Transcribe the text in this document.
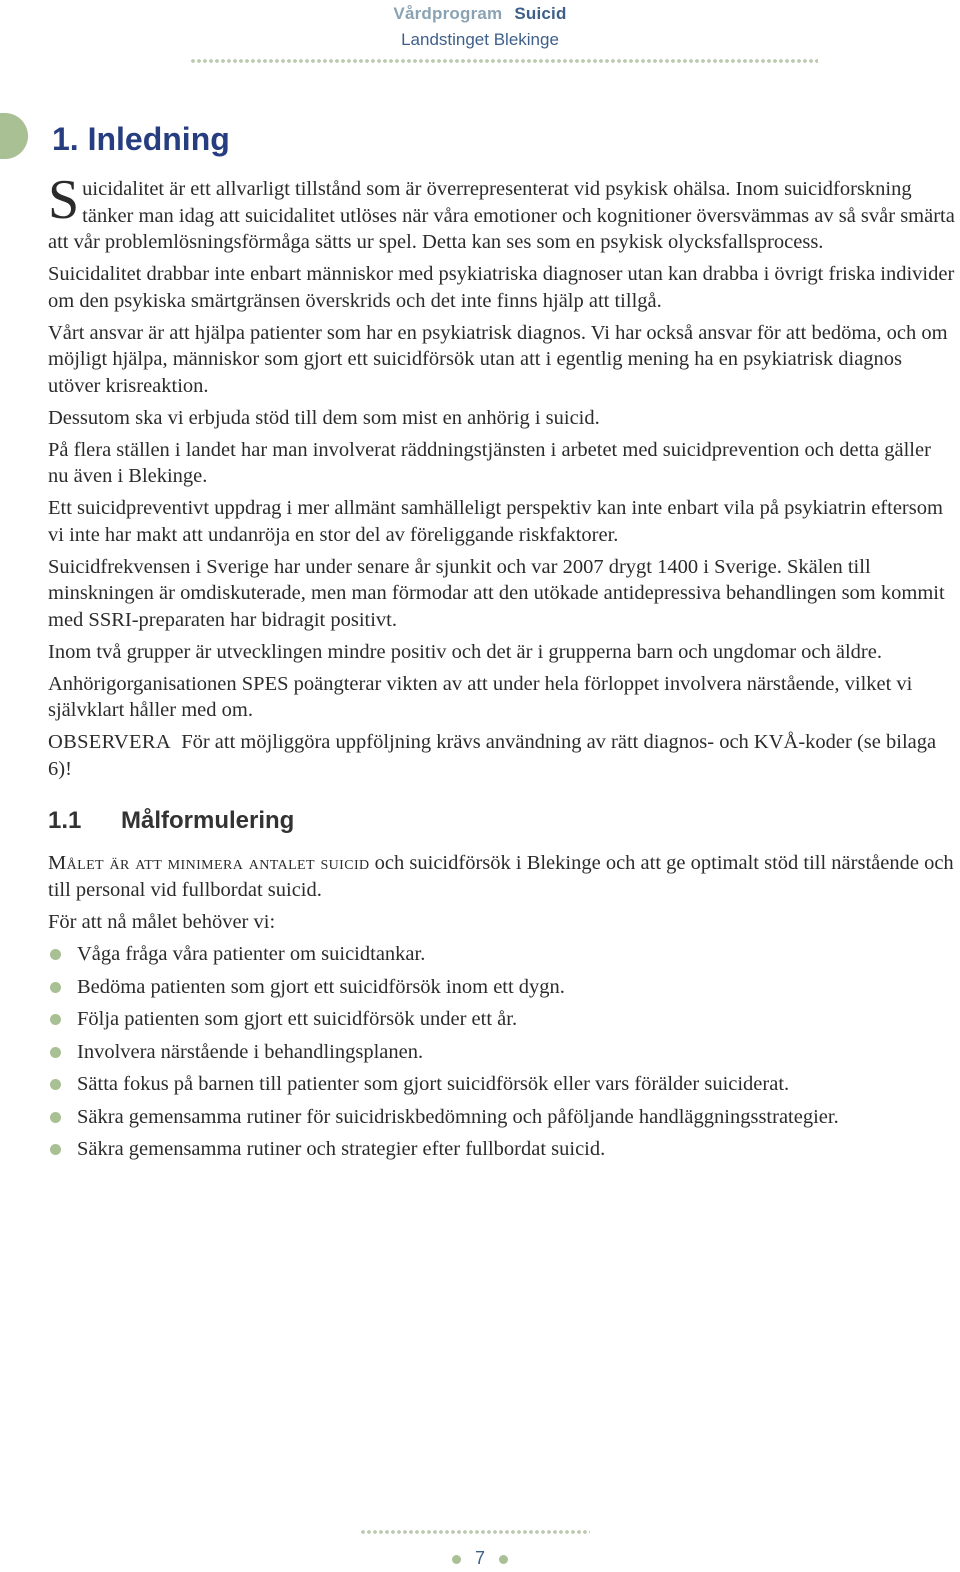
Vårdprogram Suicid
Landstinget Blekinge
1. Inledning

Suicidalitet är ett allvarligt tillstånd som är överrepresenterat vid psykisk ohälsa. Inom suicidforskning tänker man idag att suicidalitet utlöses när våra emotioner och kognitioner översvämmas av så svår smärta att vår problemlösningsförmåga sätts ur spel. Detta kan ses som en psykisk olycksfallsprocess.

Suicidalitet drabbar inte enbart människor med psykiatriska diagnoser utan kan drabba i övrigt friska individer om den psykiska smärtgränsen överskrids och det inte finns hjälp att tillgå.

Vårt ansvar är att hjälpa patienter som har en psykiatrisk diagnos. Vi har också ansvar för att bedöma, och om möjligt hjälpa, människor som gjort ett suicidförsök utan att i egentlig mening ha en psykiatrisk diagnos utöver krisreaktion.

Dessutom ska vi erbjuda stöd till dem som mist en anhörig i suicid.

På flera ställen i landet har man involverat räddningstjänsten i arbetet med suicidprevention och detta gäller nu även i Blekinge.

Ett suicidpreventivt uppdrag i mer allmänt samhälleligt perspektiv kan inte enbart vila på psykiatrin eftersom vi inte har makt att undanröja en stor del av föreliggande riskfaktorer.

Suicidfrekvensen i Sverige har under senare år sjunkit och var 2007 drygt 1400 i Sverige. Skälen till minskningen är omdiskuterade, men man förmodar att den utökade antidepressiva behandlingen som kommit med SSRI-preparaten har bidragit positivt.

Inom två grupper är utvecklingen mindre positiv och det är i grupperna barn och ungdomar och äldre.

Anhörigorganisationen SPES poängterar vikten av att under hela förloppet involvera närstående, vilket vi självklart håller med om.

OBSERVERA För att möjliggöra uppföljning krävs användning av rätt diagnos- och KVÅ-koder (se bilaga 6)!

1.1 Målformulering

Målet är att minimera antalet suicid och suicidförsök i Blekinge och att ge optimalt stöd till närstående och till personal vid fullbordat suicid.

För att nå målet behöver vi:

Våga fråga våra patienter om suicidtankar.
Bedöma patienten som gjort ett suicidförsök inom ett dygn.
Följa patienten som gjort ett suicidförsök under ett år.
Involvera närstående i behandlingsplanen.
Sätta fokus på barnen till patienter som gjort suicidförsök eller vars förälder suiciderat.
Säkra gemensamma rutiner för suicidriskbedömning och påföljande handläggningsstrategier.
Säkra gemensamma rutiner och strategier efter fullbordat suicid.
7
